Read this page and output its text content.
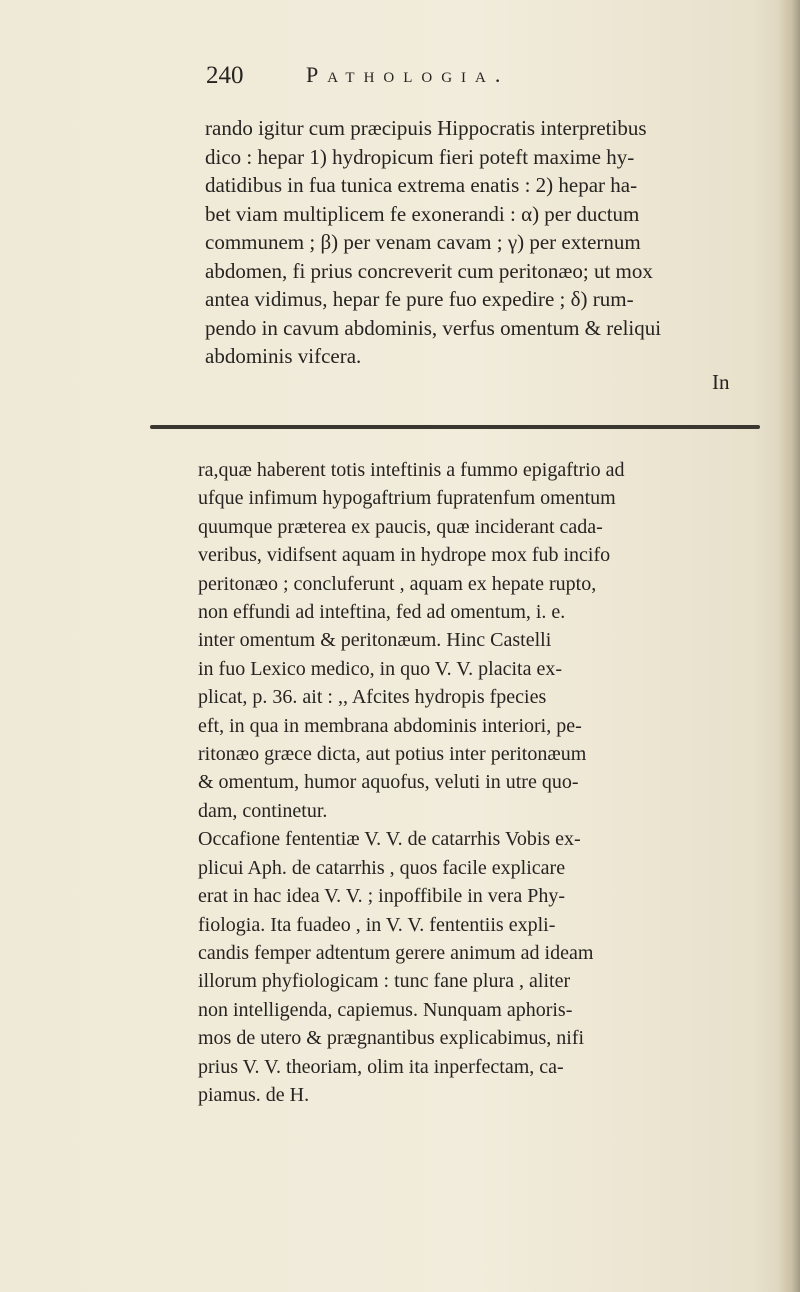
240	Pathologia.

rando igitur cum præcipuis Hippocratis interpretibus

dico : hepar 1) hydropicum fieri poteft maxime hy-

datidibus in fua tunica extrema enatis : 2) hepar ha-

bet viam multiplicem fe exonerandi : α) per ductum

communem ; β) per venam cavam ; γ) per externum

abdomen, fi prius concreverit cum peritonæo; ut mox

antea vidimus, hepar fe pure fuo expedire ; δ) rum-

pendo in cavum abdominis, verfus omentum & reliqui

abdominis vifcera.

In

ra,quæ haberent totis inteftinis a fummo epigaftrio ad

ufque infimum hypogaftrium fupratenfum omentum

quumque præterea ex paucis, quæ inciderant cada-

veribus, vidifsent aquam in hydrope mox fub incifo

peritonæo ; concluferunt , aquam ex hepate rupto,

non effundi ad inteftina, fed ad omentum, i. e.

inter omentum & peritonæum. Hinc Castelli

in fuo Lexico medico, in quo V. V. placita ex-

plicat, p. 36. ait : ,, Afcites hydropis fpecies

eft, in qua in membrana abdominis interiori, pe-

ritonæo græce dicta, aut potius inter peritonæum

& omentum, humor aquofus, veluti in utre quo-

dam, continetur.

Occafione fententiæ V. V. de catarrhis Vobis ex-

plicui Aph. de catarrhis , quos facile explicare

erat in hac idea V. V. ; inpoffibile in vera Phy-

fiologia. Ita fuadeo , in V. V. fententiis expli-

candis femper adtentum gerere animum ad ideam

illorum phyfiologicam : tunc fane plura , aliter

non intelligenda, capiemus. Nunquam aphoris-

mos de utero & prægnantibus explicabimus, nifi

prius V. V. theoriam, olim ita inperfectam, ca-

piamus. de H.
